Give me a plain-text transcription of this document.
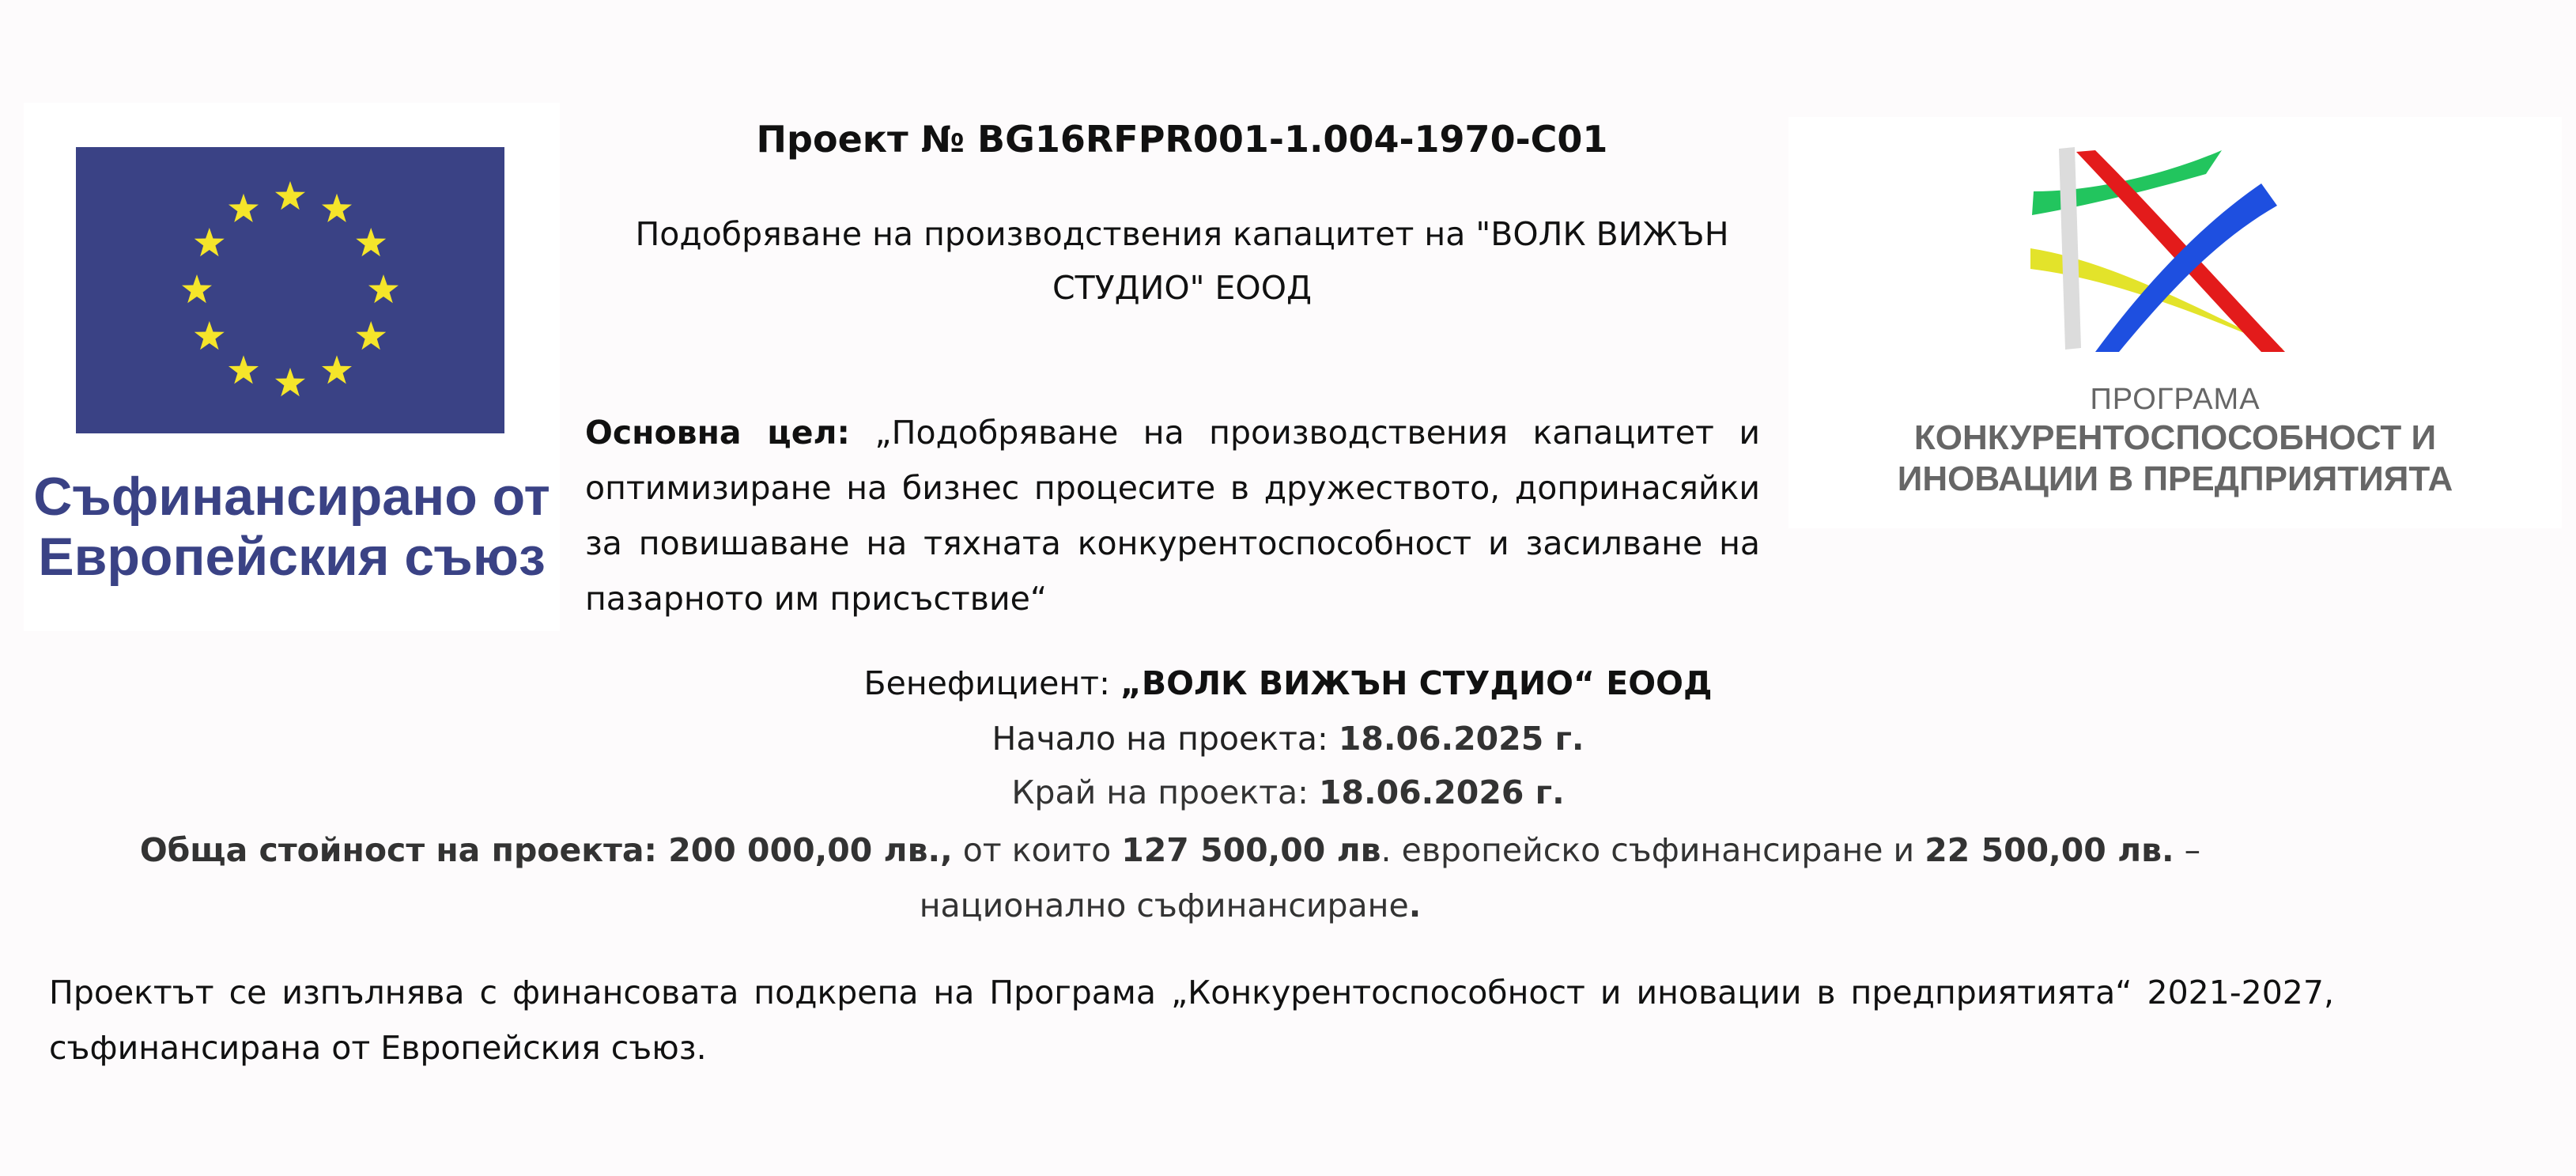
Съфинансирано от
Европейския съюз
ПРОГРАМА
КОНКУРЕНТОСПОСОБНОСТ И
ИНОВАЦИИ В ПРЕДПРИЯТИЯТА
Проект № BG16RFPR001-1.004-1970-C01
Подобряване на производствения капацитет на "ВОЛК ВИЖЪН СТУДИО" ЕООД
Основна цел: „Подобряване на производствения капацитет и оптимизиране на бизнес процесите в дружеството, допринасяйки за повишаване на тяхната конкурентоспособност и засилване на пазарното им присъствие“
Бенефициент: „ВОЛК ВИЖЪН СТУДИО“ ЕООД
Начало на проекта: 18.06.2025 г.
Край на проекта: 18.06.2026 г.
Обща стойност на проекта: 200 000,00 лв., от които 127 500,00 лв. европейско съфинансиране и 22 500,00 лв. – национално съфинансиране.
Проектът се изпълнява с финансовата подкрепа на Програма „Конкурентоспособност и иновации в предприятията“ 2021-2027, съфинансирана от Европейския съюз.
